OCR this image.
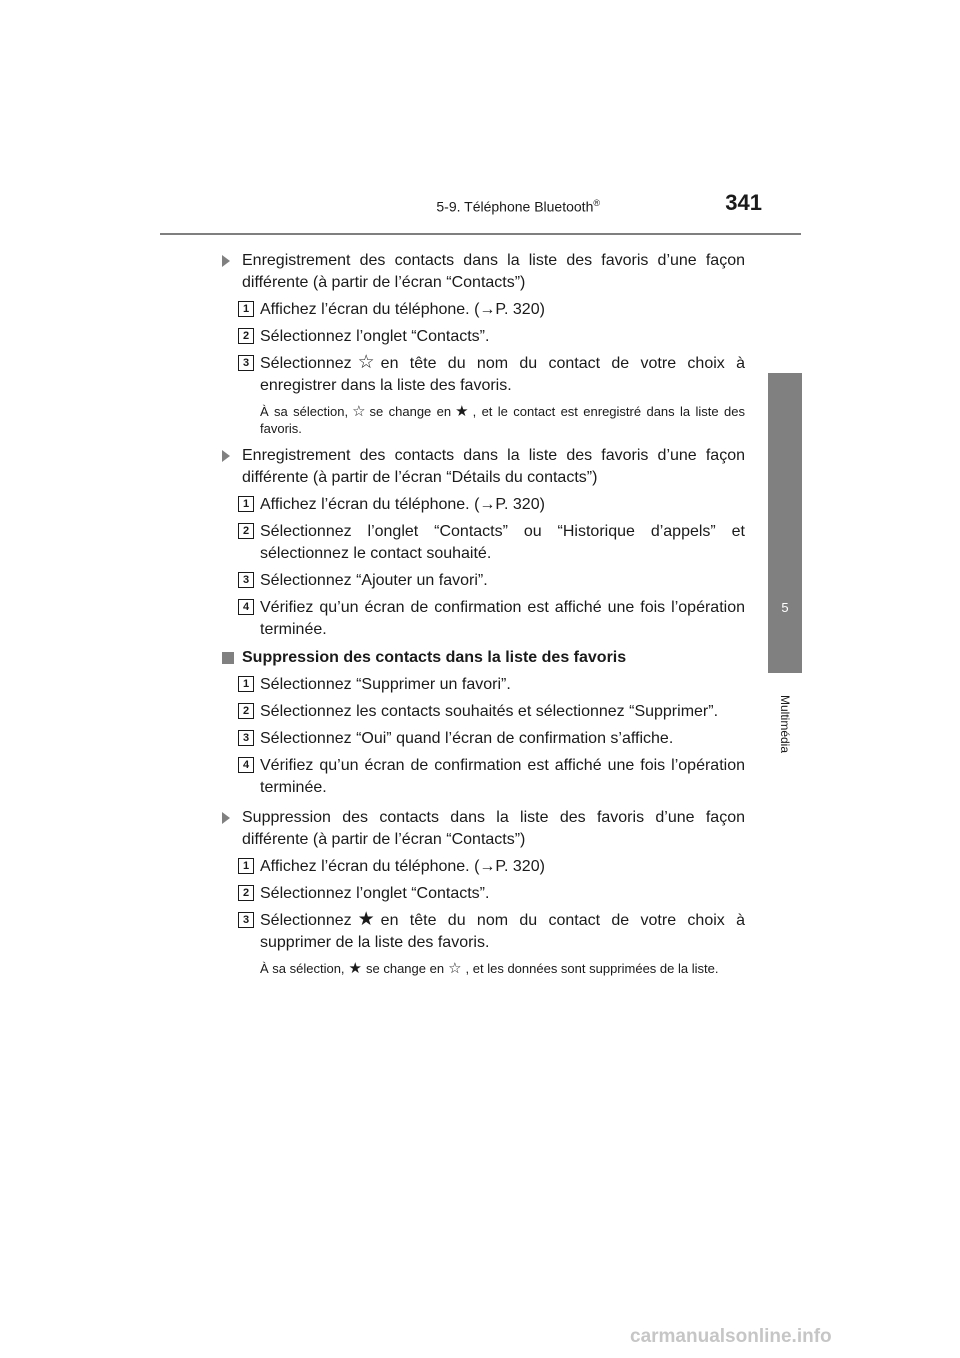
5-9. Téléphone Bluetooth®	341
5
Multimédia
Enregistrement des contacts dans la liste des favoris d’une façon différente (à partir de l’écran “Contacts”)
1 Affichez l’écran du téléphone. (→P. 320)
2 Sélectionnez l’onglet “Contacts”.
3 Sélectionnez ☆ en tête du nom du contact de votre choix à enregistrer dans la liste des favoris.
À sa sélection, ☆ se change en ★ , et le contact est enregistré dans la liste des favoris.
Enregistrement des contacts dans la liste des favoris d’une façon différente (à partir de l’écran “Détails du contacts”)
1 Affichez l’écran du téléphone. (→P. 320)
2 Sélectionnez l’onglet “Contacts” ou “Historique d’appels” et sélectionnez le contact souhaité.
3 Sélectionnez “Ajouter un favori”.
4 Vérifiez qu’un écran de confirmation est affiché une fois l’opération terminée.
Suppression des contacts dans la liste des favoris
1 Sélectionnez “Supprimer un favori”.
2 Sélectionnez les contacts souhaités et sélectionnez “Supprimer”.
3 Sélectionnez “Oui” quand l’écran de confirmation s’affiche.
4 Vérifiez qu’un écran de confirmation est affiché une fois l’opération terminée.
Suppression des contacts dans la liste des favoris d’une façon différente (à partir de l’écran “Contacts”)
1 Affichez l’écran du téléphone. (→P. 320)
2 Sélectionnez l’onglet “Contacts”.
3 Sélectionnez ★ en tête du nom du contact de votre choix à supprimer de la liste des favoris.
À sa sélection, ★ se change en ☆ , et les données sont supprimées de la liste.
carmanualsonline.info
